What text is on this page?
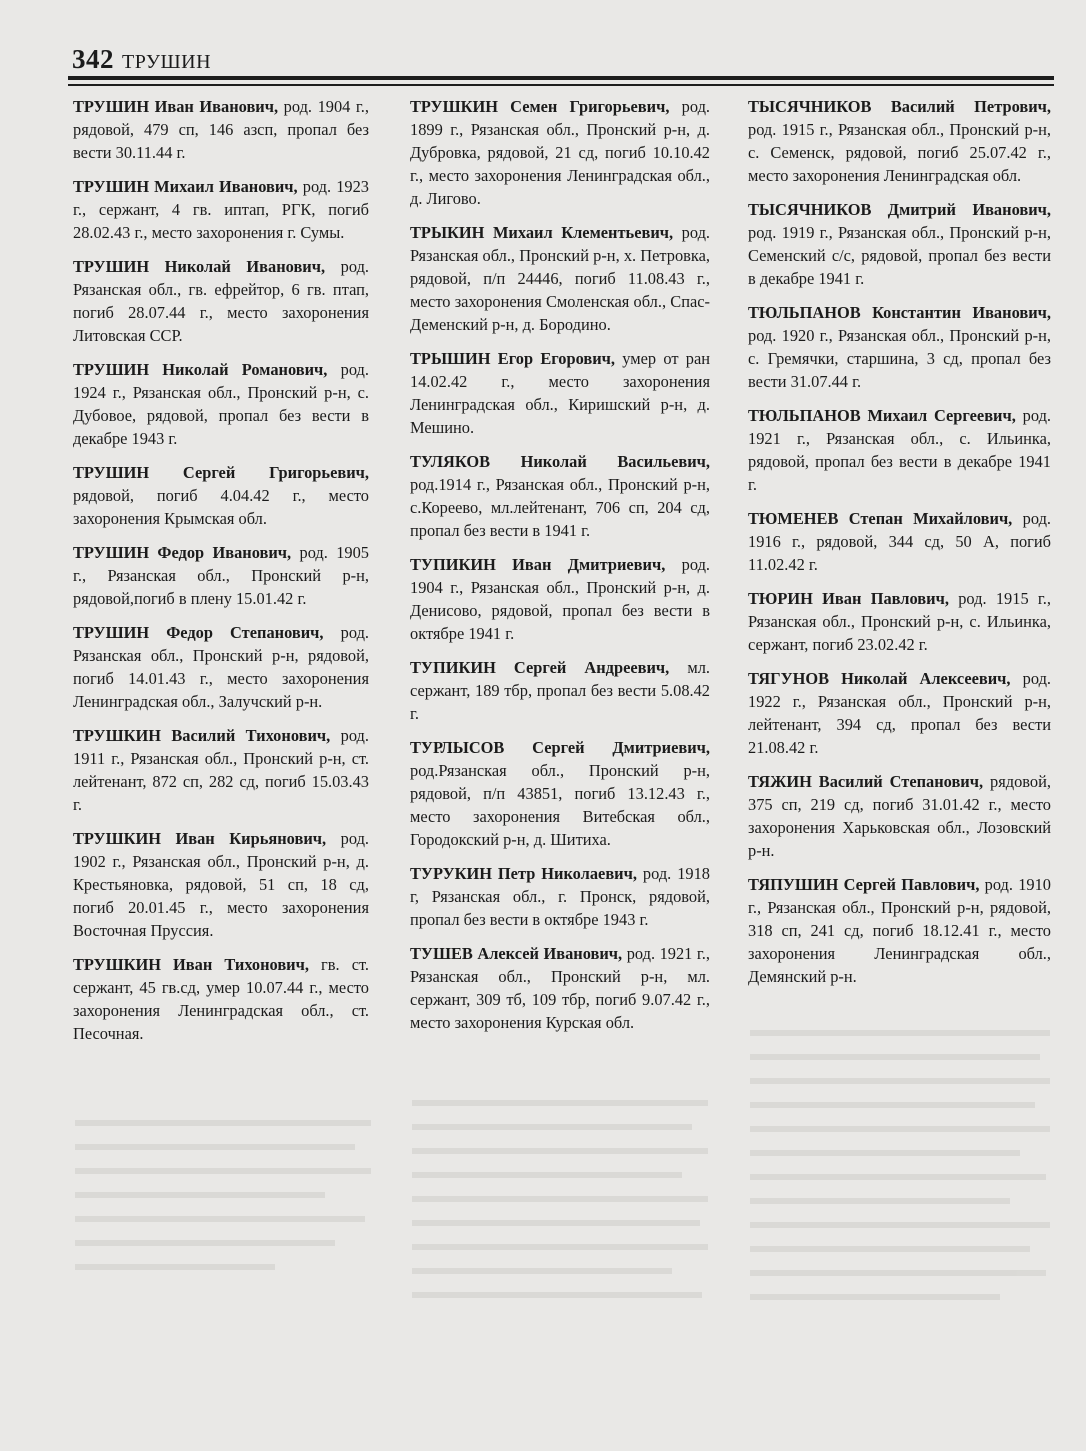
342 ТРУШИН

ТРУШИН Иван Иванович, род. 1904 г., рядовой, 479 сп, 146 азсп, пропал без вести 30.11.44 г.

ТРУШИН Михаил Иванович, род. 1923 г., сержант, 4 гв. иптап, РГК, погиб 28.02.43 г., место захоронения г. Сумы.

ТРУШИН Николай Иванович, род. Рязанская обл., гв. ефрейтор, 6 гв. птап, погиб 28.07.44 г., место захоронения Литовская ССР.

ТРУШИН Николай Романович, род. 1924 г., Рязанская обл., Пронский р-н, с. Дубовое, рядовой, пропал без вести в декабре 1943 г.

ТРУШИН Сергей Григорьевич, рядовой, погиб 4.04.42 г., место захоронения Крымская обл.

ТРУШИН Федор Иванович, род. 1905 г., Рязанская обл., Пронский р-н, рядовой,погиб в плену 15.01.42 г.

ТРУШИН Федор Степанович, род. Рязанская обл., Пронский р-н, рядовой, погиб 14.01.43 г., место захоронения Ленинградская обл., Залучский р-н.

ТРУШКИН Василий Тихонович, род. 1911 г., Рязанская обл., Пронский р-н, ст. лейтенант, 872 сп, 282 сд, погиб 15.03.43 г.

ТРУШКИН Иван Кирьянович, род. 1902 г., Рязанская обл., Пронский р-н, д. Крестьяновка, рядовой, 51 сп, 18 сд, погиб 20.01.45 г., место захоронения Восточная Пруссия.

ТРУШКИН Иван Тихонович, гв. ст. сержант, 45 гв.сд, умер 10.07.44 г., место захоронения Ленинградская обл., ст. Песочная.

ТРУШКИН Семен Григорьевич, род. 1899 г., Рязанская обл., Пронский р-н, д. Дубровка, рядовой, 21 сд, погиб 10.10.42 г., место захоронения Ленинградская обл., д. Лигово.

ТРЫКИН Михаил Клементьевич, род. Рязанская обл., Пронский р-н, х. Петровка, рядовой, п/п 24446, погиб 11.08.43 г., место захоронения Смоленская обл., Спас-Деменский р-н, д. Бородино.

ТРЫШИН Егор Егорович, умер от ран 14.02.42 г., место захоронения Ленинградская обл., Киришский р-н, д. Мешино.

ТУЛЯКОВ Николай Васильевич, род.1914 г., Рязанская обл., Пронский р-н, с.Кореево, мл.лейтенант, 706 сп, 204 сд, пропал без вести в 1941 г.

ТУПИКИН Иван Дмитриевич, род. 1904 г., Рязанская обл., Пронский р-н, д. Денисово, рядовой, пропал без вести в октябре 1941 г.

ТУПИКИН Сергей Андреевич, мл. сержант, 189 тбр, пропал без вести 5.08.42 г.

ТУРЛЫСОВ Сергей Дмитриевич, род.Рязанская обл., Пронский р-н, рядовой, п/п 43851, погиб 13.12.43 г., место захоронения Витебская обл., Городокский р-н, д. Шитиха.

ТУРУКИН Петр Николаевич, род. 1918 г, Рязанская обл., г. Пронск, рядовой, пропал без вести в октябре 1943 г.

ТУШЕВ Алексей Иванович, род. 1921 г., Рязанская обл., Пронский р-н, мл. сержант, 309 тб, 109 тбр, погиб 9.07.42 г., место захоронения Курская обл.

ТЫСЯЧНИКОВ Василий Петрович, род. 1915 г., Рязанская обл., Пронский р-н, с. Семенск, рядовой, погиб 25.07.42 г., место захоронения Ленинградская обл.

ТЫСЯЧНИКОВ Дмитрий Иванович, род. 1919 г., Рязанская обл., Пронский р-н, Семенский с/с, рядовой, пропал без вести в декабре 1941 г.

ТЮЛЬПАНОВ Константин Иванович, род. 1920 г., Рязанская обл., Пронский р-н, с. Гремячки, старшина, 3 сд, пропал без вести 31.07.44 г.

ТЮЛЬПАНОВ Михаил Сергеевич, род. 1921 г., Рязанская обл., с. Ильинка, рядовой, пропал без вести в декабре 1941 г.

ТЮМЕНЕВ Степан Михайлович, род. 1916 г., рядовой, 344 сд, 50 А, погиб 11.02.42 г.

ТЮРИН Иван Павлович, род. 1915 г., Рязанская обл., Пронский р-н, с. Ильинка, сержант, погиб 23.02.42 г.

ТЯГУНОВ Николай Алексеевич, род. 1922 г., Рязанская обл., Пронский р-н, лейтенант, 394 сд, пропал без вести 21.08.42 г.

ТЯЖИН Василий Степанович, рядовой, 375 сп, 219 сд, погиб 31.01.42 г., место захоронения Харьковская обл., Лозовский р-н.

ТЯПУШИН Сергей Павлович, род. 1910 г., Рязанская обл., Пронский р-н, рядовой, 318 сп, 241 сд, погиб 18.12.41 г., место захоронения Ленинградская обл., Демянский р-н.
